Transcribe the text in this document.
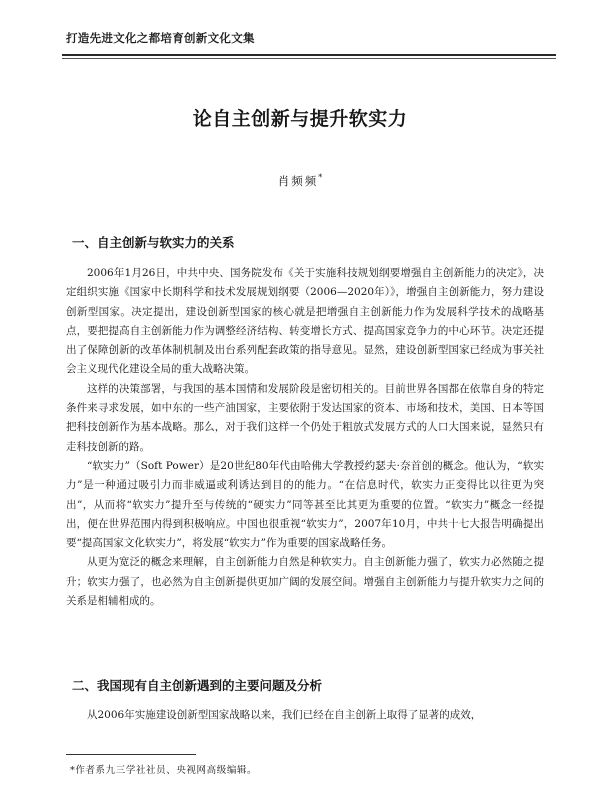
打造先进文化之都培育创新文化文集
论自主创新与提升软实力
肖频频*
一、自主创新与软实力的关系

2006年1月26日，中共中央、国务院发布《关于实施科技规划纲要增强自主创新能力的决定》，决定组织实施《国家中长期科学和技术发展规划纲要（2006—2020年）》，增强自主创新能力，努力建设创新型国家。决定提出，建设创新型国家的核心就是把增强自主创新能力作为发展科学技术的战略基点，要把提高自主创新能力作为调整经济结构、转变增长方式、提高国家竞争力的中心环节。决定还提出了保障创新的改革体制机制及出台系列配套政策的指导意见。显然，建设创新型国家已经成为事关社会主义现代化建设全局的重大战略决策。

这样的决策部署，与我国的基本国情和发展阶段是密切相关的。目前世界各国都在依靠自身的特定条件来寻求发展，如中东的一些产油国家，主要依附于发达国家的资本、市场和技术，美国、日本等国把科技创新作为基本战略。那么，对于我们这样一个仍处于粗放式发展方式的人口大国来说，显然只有走科技创新的路。

“软实力”（Soft Power）是20世纪80年代由哈佛大学教授约瑟夫·奈首创的概念。他认为，“软实力”是一种通过吸引力而非威逼或利诱达到目的的能力。“在信息时代，软实力正变得比以往更为突出”，从而将“软实力”提升至与传统的“硬实力”同等甚至比其更为重要的位置。“软实力”概念一经提出，便在世界范围内得到积极响应。中国也很重视“软实力”，2007年10月，中共十七大报告明确提出要“提高国家文化软实力”，将发展“软实力”作为重要的国家战略任务。

从更为宽泛的概念来理解，自主创新能力自然是种软实力。自主创新能力强了，软实力必然随之提升；软实力强了，也必然为自主创新提供更加广阔的发展空间。增强自主创新能力与提升软实力之间的关系是相辅相成的。

二、我国现有自主创新遇到的主要问题及分析

从2006年实施建设创新型国家战略以来，我们已经在自主创新上取得了显著的成效，

*作者系九三学社社员、央视网高级编辑。
